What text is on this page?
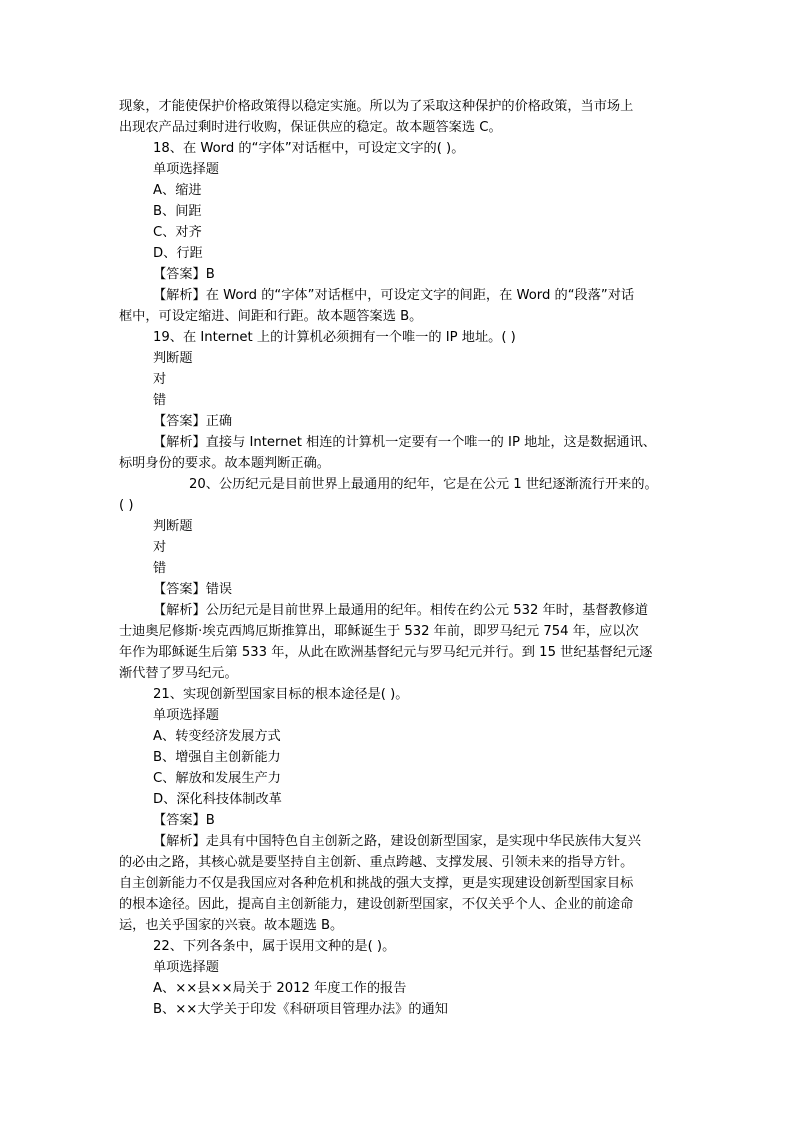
现象，才能使保护价格政策得以稳定实施。所以为了采取这种保护的价格政策，当市场上
出现农产品过剩时进行收购，保证供应的稳定。故本题答案选 C。
18、在 Word 的“字体”对话框中，可设定文字的( )。
单项选择题
A、缩进
B、间距
C、对齐
D、行距
【答案】B
【解析】在 Word 的“字体”对话框中，可设定文字的间距，在 Word 的“段落”对话
框中，可设定缩进、间距和行距。故本题答案选 B。
19、在 Internet 上的计算机必须拥有一个唯一的 IP 地址。( )
判断题
对
错
【答案】正确
【解析】直接与 Internet 相连的计算机一定要有一个唯一的 IP 地址，这是数据通讯、
标明身份的要求。故本题判断正确。
20、公历纪元是目前世界上最通用的纪年，它是在公元 1 世纪逐渐流行开来的。
( )
判断题
对
错
【答案】错误
【解析】公历纪元是目前世界上最通用的纪年。相传在约公元 532 年时，基督教修道
士迪奥尼修斯·埃克西鸠厄斯推算出，耶稣诞生于 532 年前，即罗马纪元 754 年，应以次
年作为耶稣诞生后第 533 年，从此在欧洲基督纪元与罗马纪元并行。到 15 世纪基督纪元逐
渐代替了罗马纪元。
21、实现创新型国家目标的根本途径是( )。
单项选择题
A、转变经济发展方式
B、增强自主创新能力
C、解放和发展生产力
D、深化科技体制改革
【答案】B
【解析】走具有中国特色自主创新之路，建设创新型国家，是实现中华民族伟大复兴
的必由之路，其核心就是要坚持自主创新、重点跨越、支撑发展、引领未来的指导方针。
自主创新能力不仅是我国应对各种危机和挑战的强大支撑，更是实现建设创新型国家目标
的根本途径。因此，提高自主创新能力，建设创新型国家，不仅关乎个人、企业的前途命
运，也关乎国家的兴衰。故本题选 B。
22、下列各条中，属于误用文种的是( )。
单项选择题
A、××县××局关于 2012 年度工作的报告
B、××大学关于印发《科研项目管理办法》的通知
